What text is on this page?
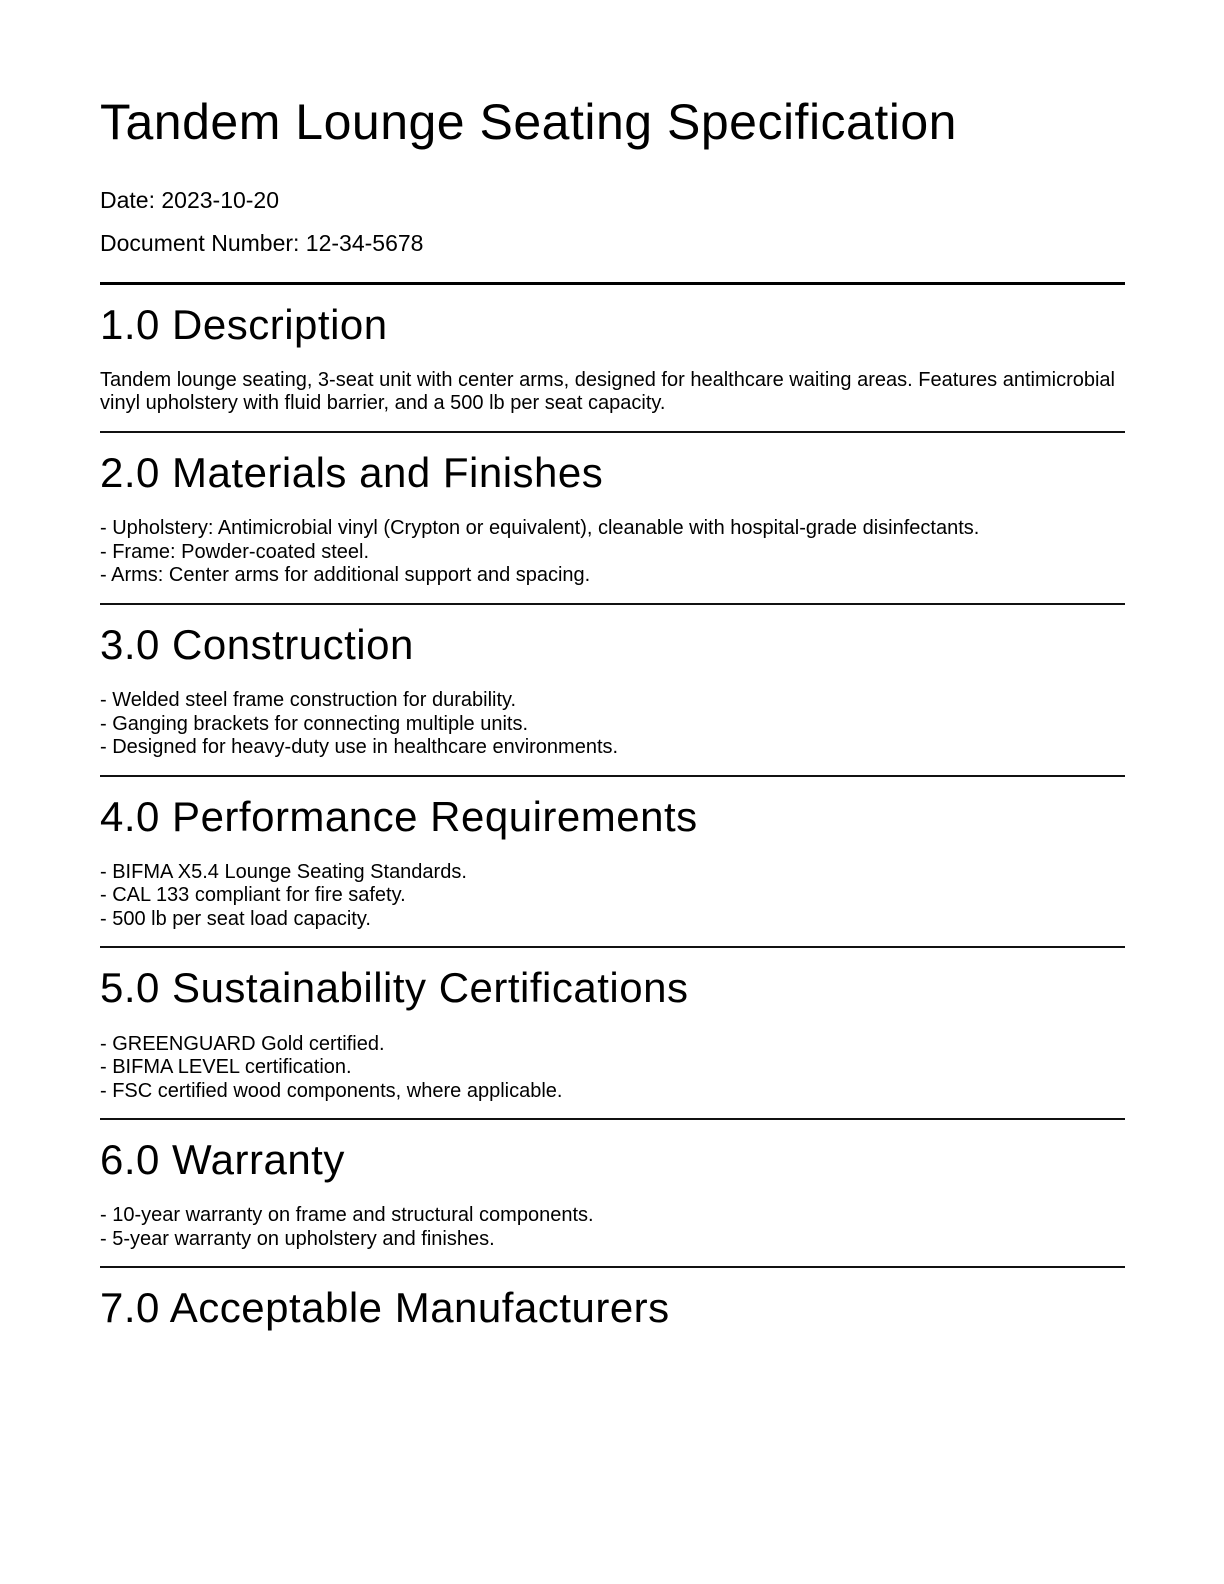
Tandem Lounge Seating Specification
Date: 2023-10-20
Document Number: 12-34-5678
1.0 Description

Tandem lounge seating, 3-seat unit with center arms, designed for healthcare waiting areas. Features antimicrobial vinyl upholstery with fluid barrier, and a 500 lb per seat capacity.

2.0 Materials and Finishes
- Upholstery: Antimicrobial vinyl (Crypton or equivalent), cleanable with hospital-grade disinfectants.
- Frame: Powder-coated steel.
- Arms: Center arms for additional support and spacing.
3.0 Construction
- Welded steel frame construction for durability.
- Ganging brackets for connecting multiple units.
- Designed for heavy-duty use in healthcare environments.
4.0 Performance Requirements
- BIFMA X5.4 Lounge Seating Standards.
- CAL 133 compliant for fire safety.
- 500 lb per seat load capacity.
5.0 Sustainability Certifications
- GREENGUARD Gold certified.
- BIFMA LEVEL certification.
- FSC certified wood components, where applicable.
6.0 Warranty
- 10-year warranty on frame and structural components.
- 5-year warranty on upholstery and finishes.
7.0 Acceptable Manufacturers
